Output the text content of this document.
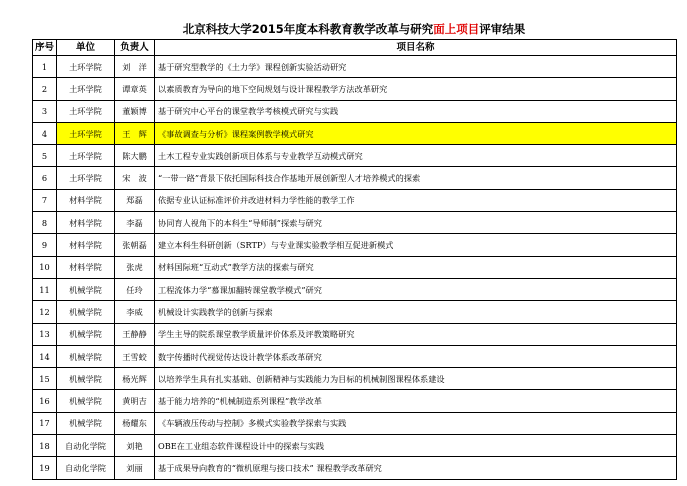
北京科技大学2015年度本科教育教学改革与研究面上项目评审结果
序号	单位	负责人	项目名称
1	土环学院	刘　洋	基于研究型教学的《土力学》课程创新实验活动研究
2	土环学院	谭章英	以素质教育为导向的地下空间规划与设计课程教学方法改革研究
3	土环学院	董颖博	基于研究中心平台的课堂教学考核模式研究与实践
4	土环学院	王　辉	《事故调查与分析》课程案例教学模式研究
5	土环学院	陈大鹏	土木工程专业实践创新项目体系与专业教学互动模式研究
6	土环学院	宋　波	“一带一路”背景下依托国际科技合作基地开展创新型人才培养模式的探索
7	材料学院	郑磊	依据专业认证标准评价并改进材料力学性能的教学工作
8	材料学院	李磊	协同育人视角下的本科生“导师制”探索与研究
9	材料学院	张朝磊	建立本科生科研创新（SRTP）与专业课实验教学相互促进新模式
10	材料学院	张虎	材料国际班“互动式”教学方法的探索与研究
11	机械学院	任玲	工程流体力学“慕课加翻转课堂教学模式”研究
12	机械学院	李威	机械设计实践教学的创新与探索
13	机械学院	王静静	学生主导的院系课堂教学质量评价体系及评教策略研究
14	机械学院	王雪蛟	数字传播时代视觉传达设计教学体系改革研究
15	机械学院	杨光辉	以培养学生具有扎实基础、创新精神与实践能力为目标的机械制图课程体系建设
16	机械学院	黄明吉	基于能力培养的“机械制造系列课程”教学改革
17	机械学院	杨耀东	《车辆液压传动与控制》多模式实验教学探索与实践
18	自动化学院	刘艳	OBE在工业组态软件课程设计中的探索与实践
19	自动化学院	刘丽	基于成果导向教育的“微机原理与接口技术” 课程教学改革研究
